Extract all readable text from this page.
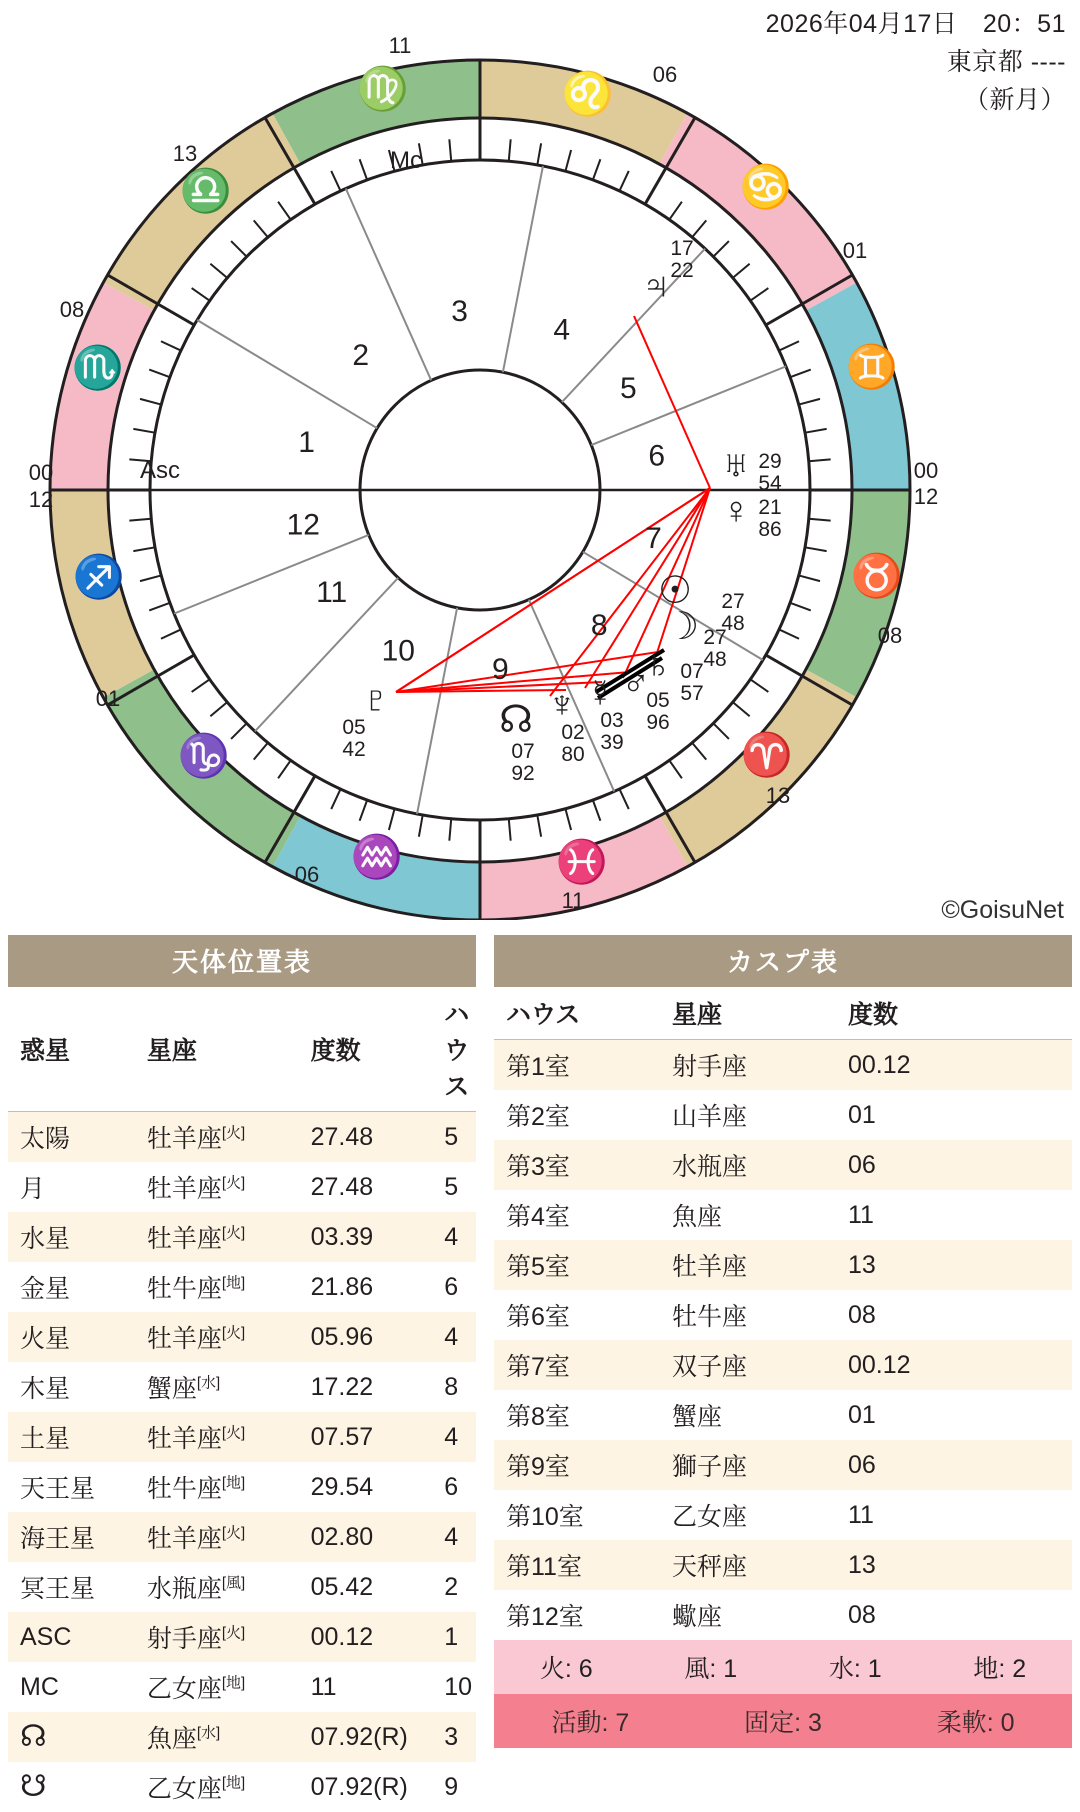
2026年04月17日　20：51
東京都 ----
（新月）
©GoisuNet
1
2
3
4
5
6
7
8
9
10
11
12
♍	♌
♋
♊
♉
♈
♓
♒
♑
♐
♏
♎
11
06
01
00
12
08
13
11
06
01
00
12
08
13
Asc
Mc
♃
17
22
♅ 29
54
♀ 21
86
☉ 27
48
☽ 27
48
♄ 07
57
♂
05
96
☿
03
39
♆
02
80
☊
07
92
♇
05
42
天体位置表
惑星	星座	度数	ハウス
太陽	牡羊座[火]	27.48	5
月	牡羊座[火]	27.48	5
水星	牡羊座[火]	03.39	4
金星	牡牛座[地]	21.86	6
火星	牡羊座[火]	05.96	4
木星	蟹座[水]	17.22	8
土星	牡羊座[火]	07.57	4
天王星	牡牛座[地]	29.54	6
海王星	牡羊座[火]	02.80	4
冥王星	水瓶座[風]	05.42	2
ASC	射手座[火]	00.12	1
MC	乙女座[地]	11	10
☊	魚座[水]	07.92(R)	3
☋	乙女座[地]	07.92(R)	9
カスプ表
ハウス	星座	度数
第1室	射手座	00.12
第2室	山羊座	01
第3室	水瓶座	06
第4室	魚座	11
第5室	牡羊座	13
第6室	牡牛座	08
第7室	双子座	00.12
第8室	蟹座	01
第9室	獅子座	06
第10室	乙女座	11
第11室	天秤座	13
第12室	蠍座	08
火: 6	風: 1	水: 1	地: 2
活動: 7	固定: 3	柔軟: 0
